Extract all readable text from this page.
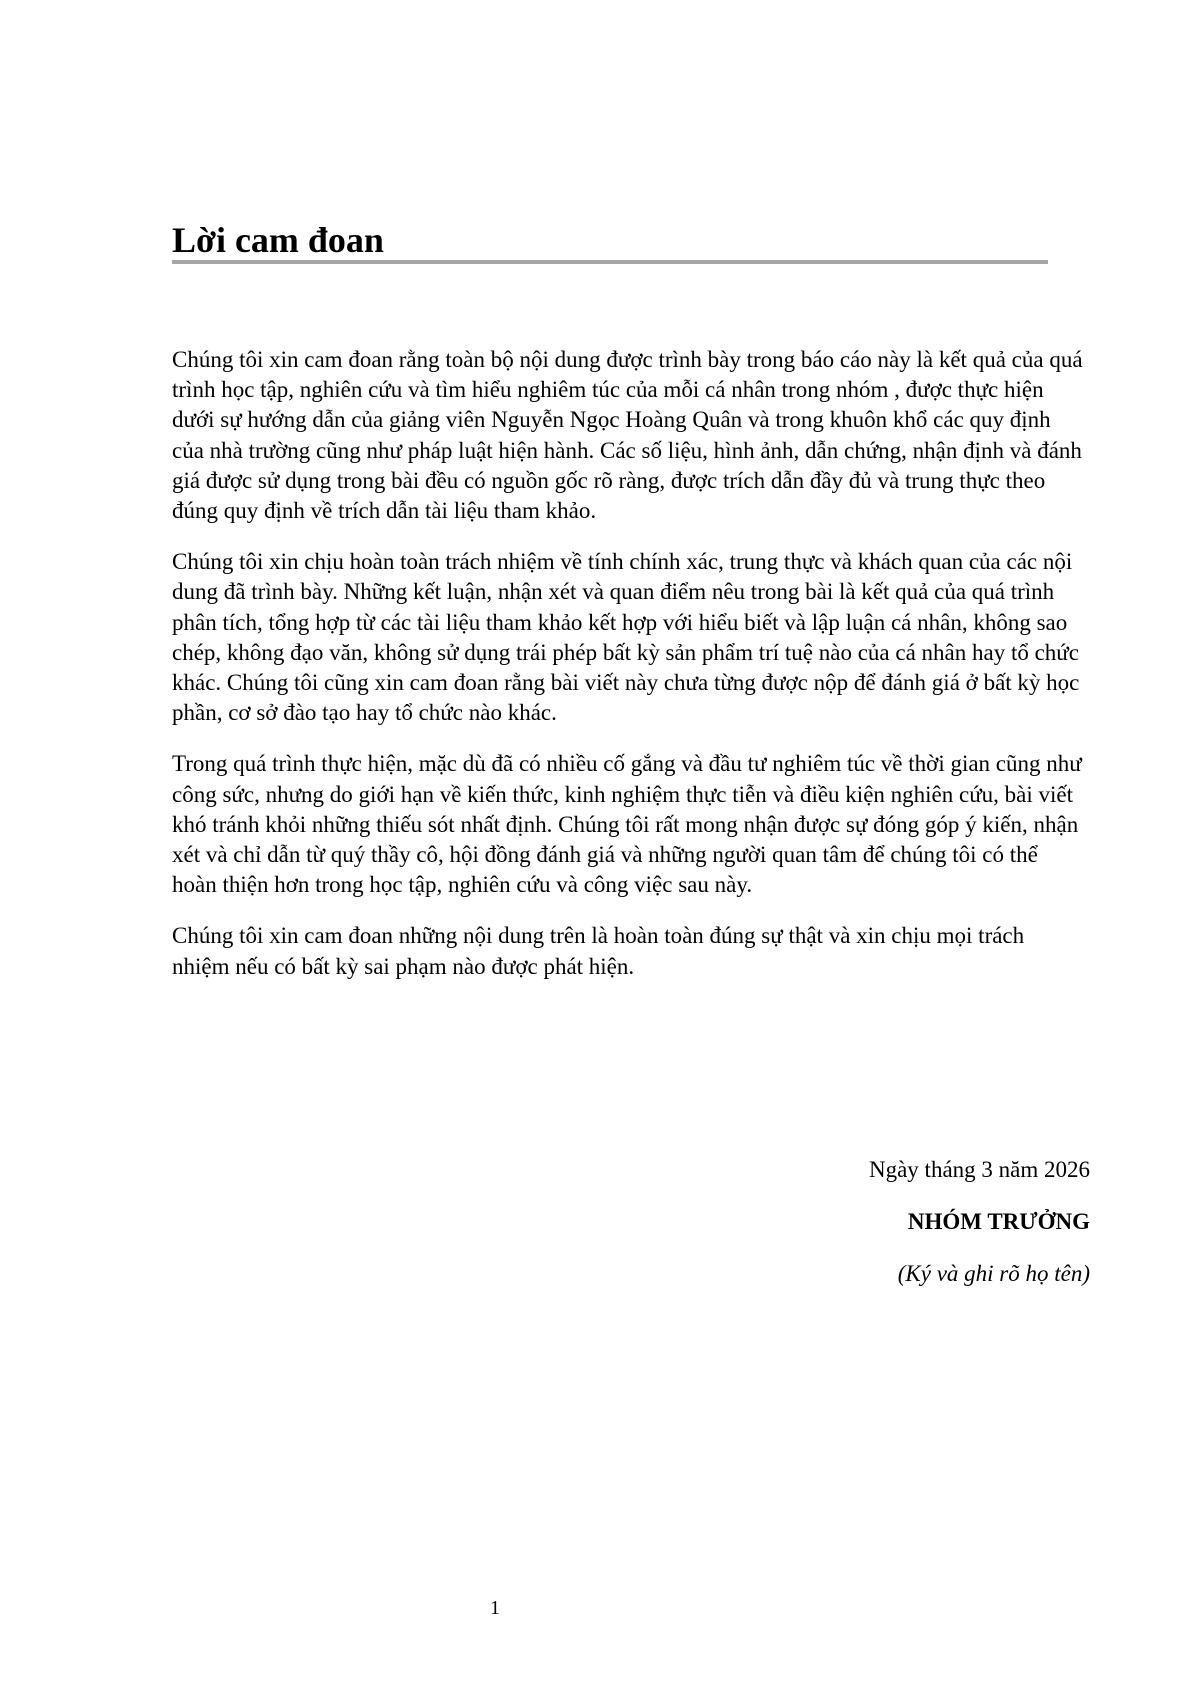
Lời cam đoan

Chúng tôi xin cam đoan rằng toàn bộ nội dung được trình bày trong báo cáo này là kết quả của quá trình học tập, nghiên cứu và tìm hiểu nghiêm túc của mỗi cá nhân trong nhóm , được thực hiện dưới sự hướng dẫn của giảng viên Nguyễn Ngọc Hoàng Quân và trong khuôn khổ các quy định của nhà trường cũng như pháp luật hiện hành. Các số liệu, hình ảnh, dẫn chứng, nhận định và đánh giá được sử dụng trong bài đều có nguồn gốc rõ ràng, được trích dẫn đầy đủ và trung thực theo đúng quy định về trích dẫn tài liệu tham khảo.

Chúng tôi xin chịu hoàn toàn trách nhiệm về tính chính xác, trung thực và khách quan của các nội dung đã trình bày. Những kết luận, nhận xét và quan điểm nêu trong bài là kết quả của quá trình phân tích, tổng hợp từ các tài liệu tham khảo kết hợp với hiểu biết và lập luận cá nhân, không sao chép, không đạo văn, không sử dụng trái phép bất kỳ sản phẩm trí tuệ nào của cá nhân hay tổ chức khác. Chúng tôi cũng xin cam đoan rằng bài viết này chưa từng được nộp để đánh giá ở bất kỳ học phần, cơ sở đào tạo hay tổ chức nào khác.

Trong quá trình thực hiện, mặc dù đã có nhiều cố gắng và đầu tư nghiêm túc về thời gian cũng như công sức, nhưng do giới hạn về kiến thức, kinh nghiệm thực tiễn và điều kiện nghiên cứu, bài viết khó tránh khỏi những thiếu sót nhất định. Chúng tôi rất mong nhận được sự đóng góp ý kiến, nhận xét và chỉ dẫn từ quý thầy cô, hội đồng đánh giá và những người quan tâm để chúng tôi có thể hoàn thiện hơn trong học tập, nghiên cứu và công việc sau này.

Chúng tôi xin cam đoan những nội dung trên là hoàn toàn đúng sự thật và xin chịu mọi trách nhiệm nếu có bất kỳ sai phạm nào được phát hiện.

Ngày tháng 3 năm 2026

NHÓM TRƯỞNG

(Ký và ghi rõ họ tên)

1
